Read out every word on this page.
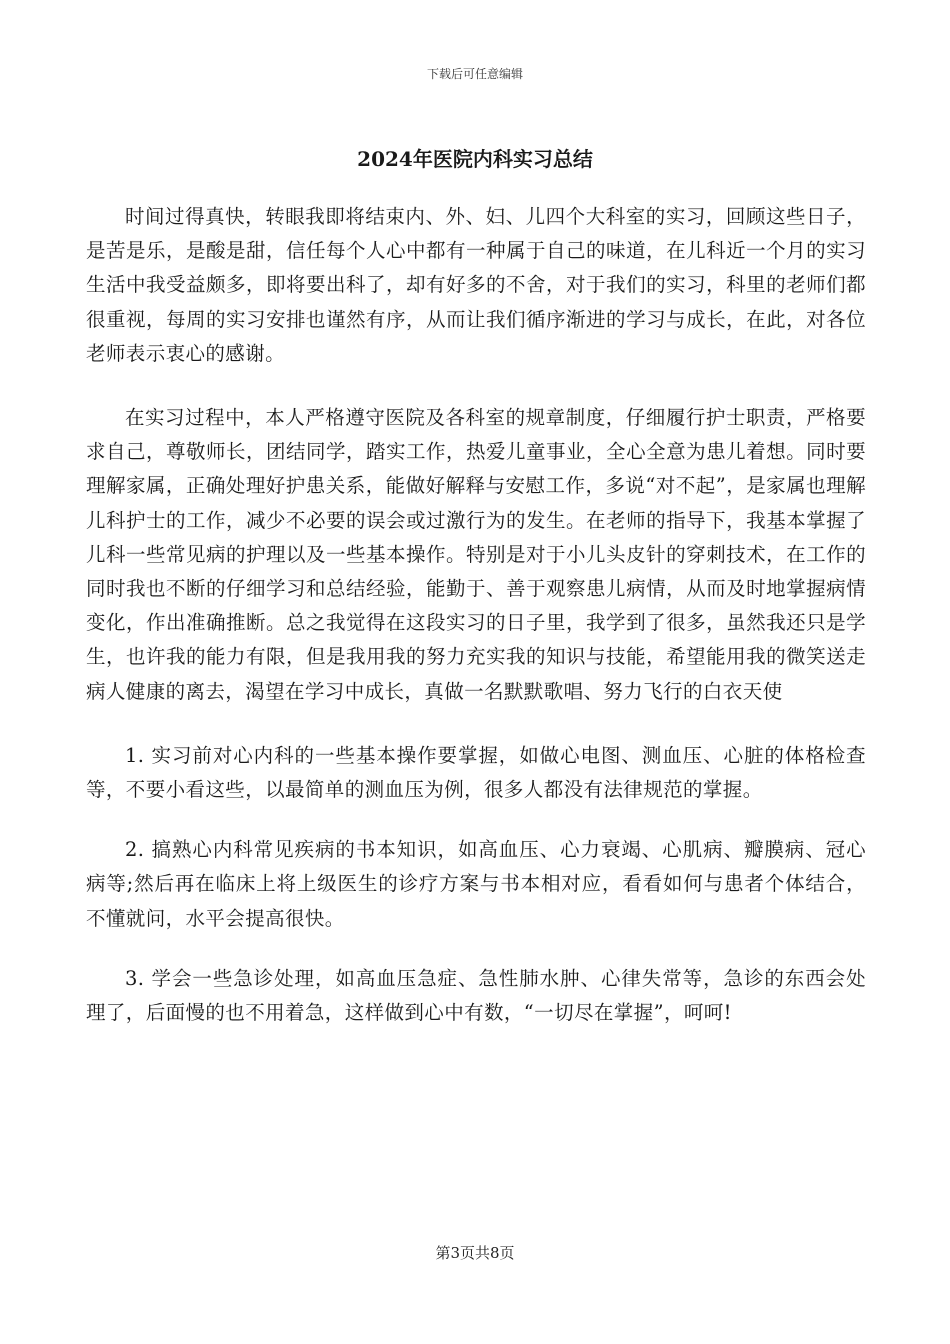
下载后可任意编辑
2024年医院内科实习总结

时间过得真快，转眼我即将结束内、外、妇、儿四个大科室的实习，回顾这些日子，是苦是乐，是酸是甜，信任每个人心中都有一种属于自己的味道，在儿科近一个月的实习生活中我受益颇多，即将要出科了，却有好多的不舍，对于我们的实习，科里的老师们都很重视，每周的实习安排也谨然有序，从而让我们循序渐进的学习与成长，在此，对各位老师表示衷心的感谢。

在实习过程中，本人严格遵守医院及各科室的规章制度，仔细履行护士职责，严格要求自己，尊敬师长，团结同学，踏实工作，热爱儿童事业，全心全意为患儿着想。同时要理解家属，正确处理好护患关系，能做好解释与安慰工作，多说“对不起”，是家属也理解儿科护士的工作，减少不必要的误会或过激行为的发生。在老师的指导下，我基本掌握了儿科一些常见病的护理以及一些基本操作。特别是对于小儿头皮针的穿刺技术，在工作的同时我也不断的仔细学习和总结经验，能勤于、善于观察患儿病情，从而及时地掌握病情变化，作出准确推断。总之我觉得在这段实习的日子里，我学到了很多，虽然我还只是学生，也许我的能力有限，但是我用我的努力充实我的知识与技能，希望能用我的微笑送走病人健康的离去，渴望在学习中成长，真做一名默默歌唱、努力飞行的白衣天使

1. 实习前对心内科的一些基本操作要掌握，如做心电图、测血压、心脏的体格检查等，不要小看这些，以最简单的测血压为例，很多人都没有法律规范的掌握。

2. 搞熟心内科常见疾病的书本知识，如高血压、心力衰竭、心肌病、瓣膜病、冠心病等;然后再在临床上将上级医生的诊疗方案与书本相对应，看看如何与患者个体结合，不懂就问，水平会提高很快。

3. 学会一些急诊处理，如高血压急症、急性肺水肿、心律失常等，急诊的东西会处理了，后面慢的也不用着急，这样做到心中有数，“一切尽在掌握”，呵呵!

第3页共8页
